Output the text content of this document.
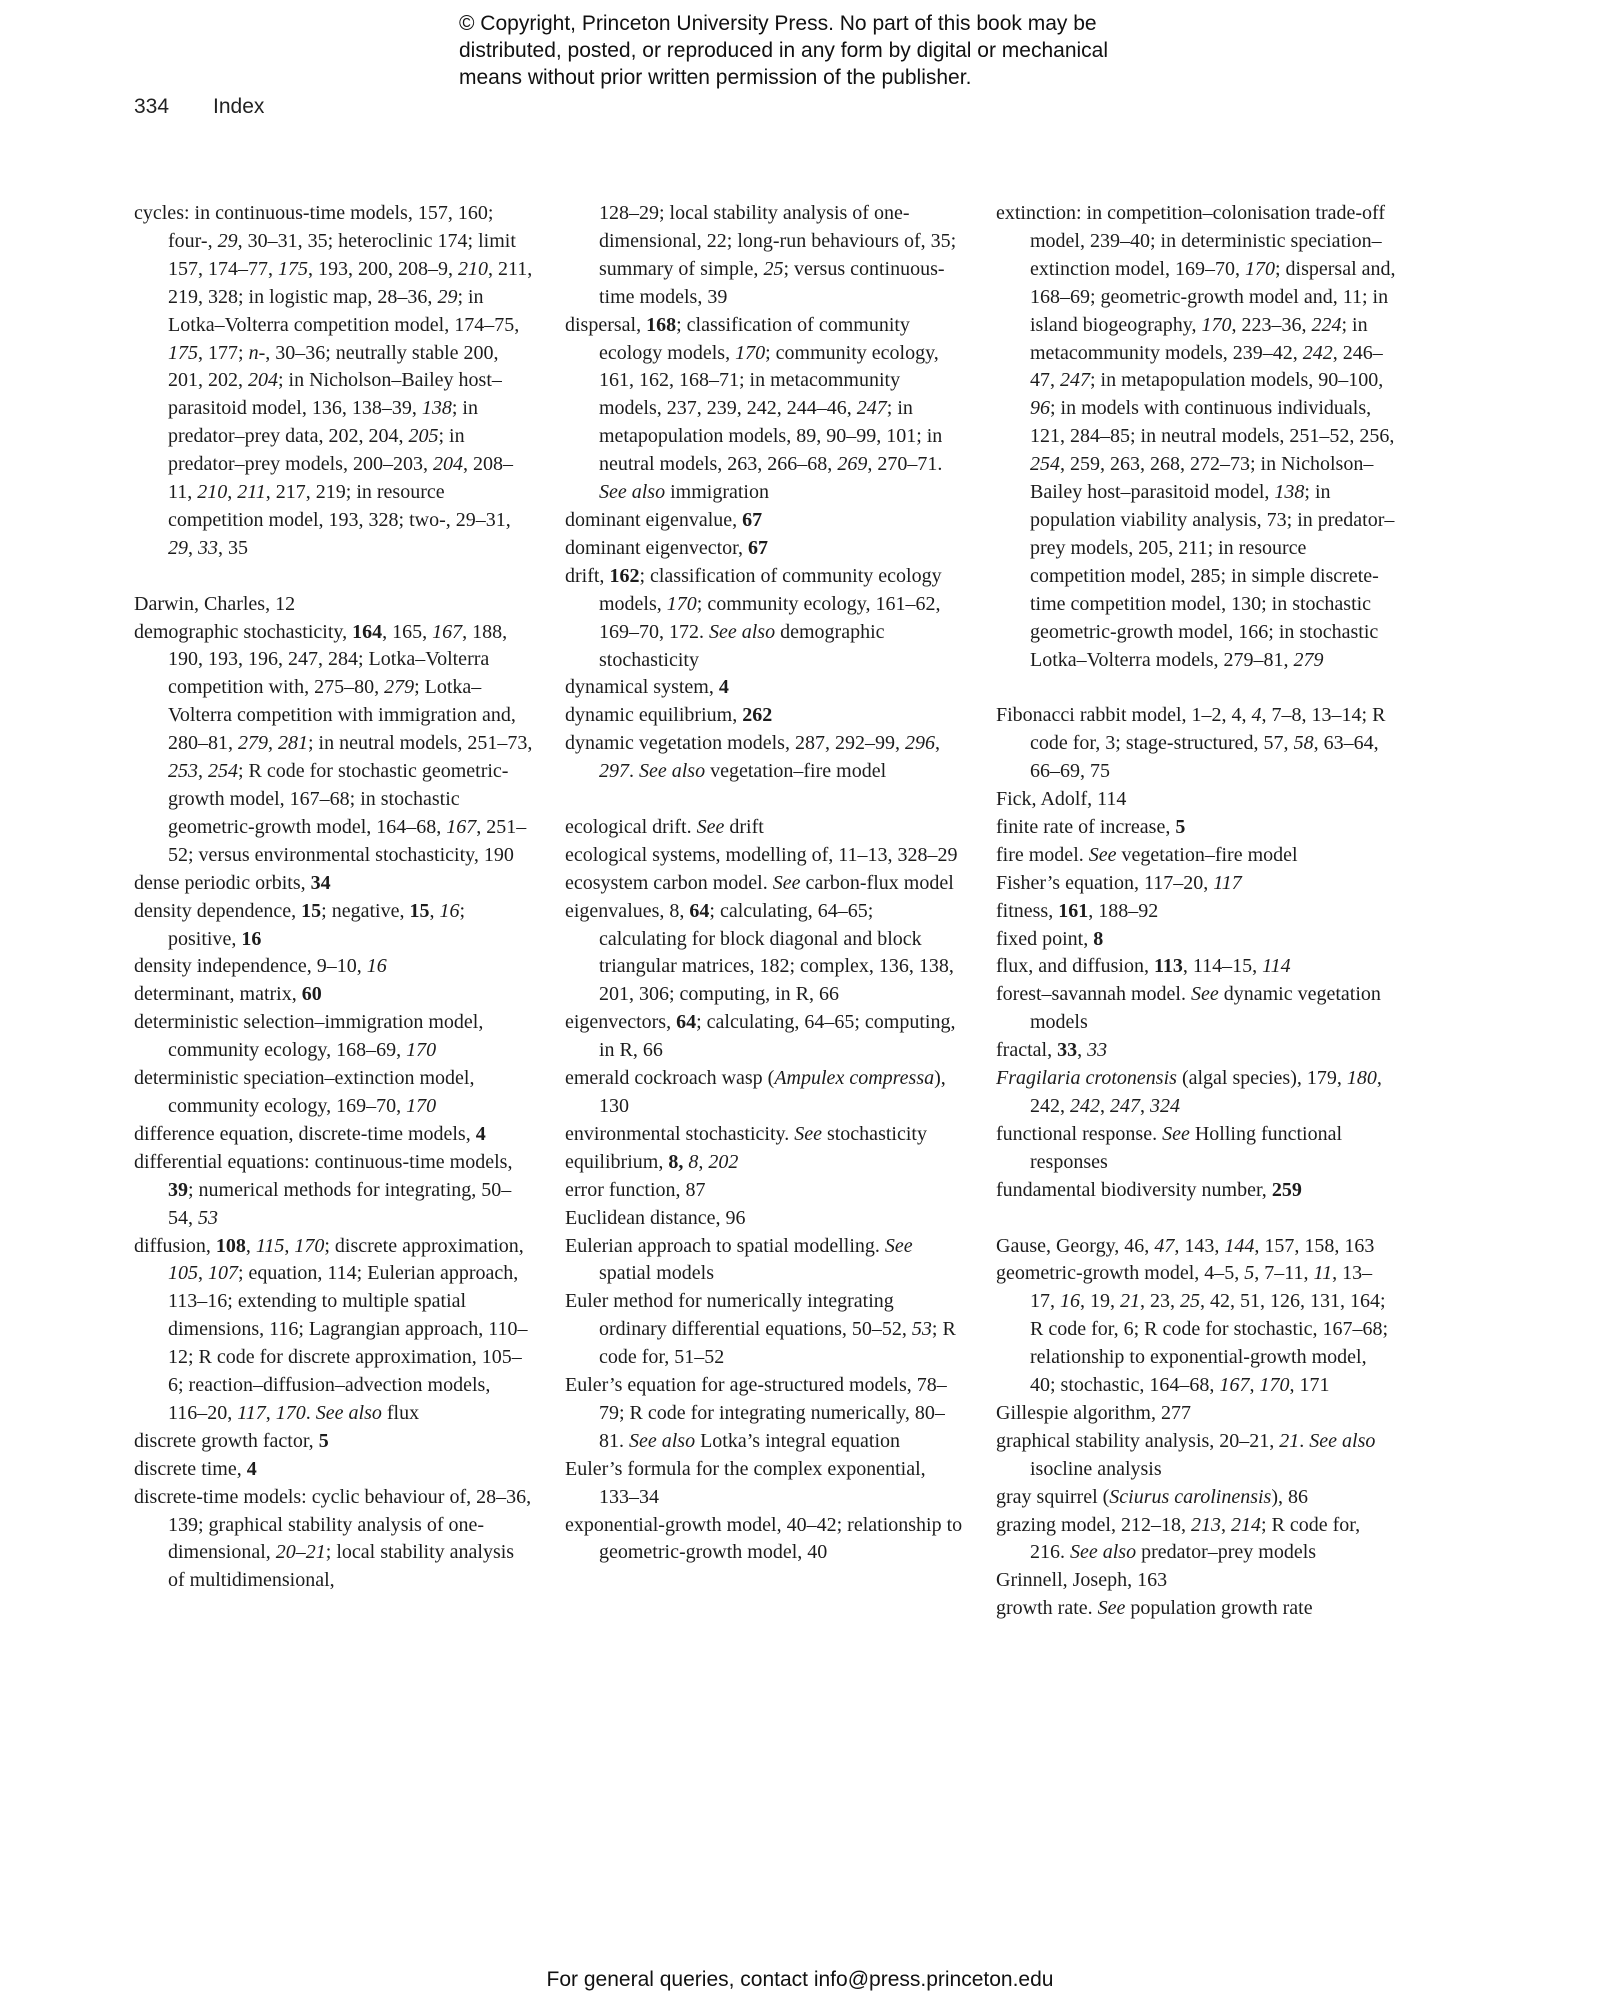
© Copyright, Princeton University Press. No part of this book may be
distributed, posted, or reproduced in any form by digital or mechanical
means without prior written permission of the publisher.
334 Index
cycles: in continuous-time models, 157, 160; four-, 29, 30–31, 35; heteroclinic 174; limit 157, 174–77, 175, 193, 200, 208–9, 210, 211, 219, 328; in logistic map, 28–36, 29; in Lotka–Volterra competition model, 174–75, 175, 177; n-, 30–36; neutrally stable 200, 201, 202, 204; in Nicholson–Bailey host–parasitoid model, 136, 138–39, 138; in predator–prey data, 202, 204, 205; in predator–prey models, 200–203, 204, 208–11, 210, 211, 217, 219; in resource competition model, 193, 328; two-, 29–31, 29, 33, 35
Darwin, Charles, 12
demographic stochasticity, 164, 165, 167, 188, 190, 193, 196, 247, 284; Lotka–Volterra competition with, 275–80, 279; Lotka–Volterra competition with immigration and, 280–81, 279, 281; in neutral models, 251–73, 253, 254; R code for stochastic geometric-growth model, 167–68; in stochastic geometric-growth model, 164–68, 167, 251–52; versus environmental stochasticity, 190
dense periodic orbits, 34
density dependence, 15; negative, 15, 16; positive, 16
density independence, 9–10, 16
determinant, matrix, 60
deterministic selection–immigration model, community ecology, 168–69, 170
deterministic speciation–extinction model, community ecology, 169–70, 170
difference equation, discrete-time models, 4
differential equations: continuous-time models, 39; numerical methods for integrating, 50–54, 53
diffusion, 108, 115, 170; discrete approximation, 105, 107; equation, 114; Eulerian approach, 113–16; extending to multiple spatial dimensions, 116; Lagrangian approach, 110–12; R code for discrete approximation, 105–6; reaction–diffusion–advection models, 116–20, 117, 170. See also flux
discrete growth factor, 5
discrete time, 4
discrete-time models: cyclic behaviour of, 28–36, 139; graphical stability analysis of one-dimensional, 20–21; local stability analysis of multidimensional,
128–29; local stability analysis of one-dimensional, 22; long-run behaviours of, 35; summary of simple, 25; versus continuous-time models, 39
dispersal, 168; classification of community ecology models, 170; community ecology, 161, 162, 168–71; in metacommunity models, 237, 239, 242, 244–46, 247; in metapopulation models, 89, 90–99, 101; in neutral models, 263, 266–68, 269, 270–71. See also immigration
dominant eigenvalue, 67
dominant eigenvector, 67
drift, 162; classification of community ecology models, 170; community ecology, 161–62, 169–70, 172. See also demographic stochasticity
dynamical system, 4
dynamic equilibrium, 262
dynamic vegetation models, 287, 292–99, 296, 297. See also vegetation–fire model
ecological drift. See drift
ecological systems, modelling of, 11–13, 328–29
ecosystem carbon model. See carbon-flux model
eigenvalues, 8, 64; calculating, 64–65; calculating for block diagonal and block triangular matrices, 182; complex, 136, 138, 201, 306; computing, in R, 66
eigenvectors, 64; calculating, 64–65; computing, in R, 66
emerald cockroach wasp (Ampulex compressa), 130
environmental stochasticity. See stochasticity
equilibrium, 8, 8, 202
error function, 87
Euclidean distance, 96
Eulerian approach to spatial modelling. See spatial models
Euler method for numerically integrating ordinary differential equations, 50–52, 53; R code for, 51–52
Euler’s equation for age-structured models, 78–79; R code for integrating numerically, 80–81. See also Lotka’s integral equation
Euler’s formula for the complex exponential, 133–34
exponential-growth model, 40–42; relationship to geometric-growth model, 40
extinction: in competition–colonisation trade-off model, 239–40; in deterministic speciation–extinction model, 169–70, 170; dispersal and, 168–69; geometric-growth model and, 11; in island biogeography, 170, 223–36, 224; in metacommunity models, 239–42, 242, 246–47, 247; in metapopulation models, 90–100, 96; in models with continuous individuals, 121, 284–85; in neutral models, 251–52, 256, 254, 259, 263, 268, 272–73; in Nicholson–Bailey host–parasitoid model, 138; in population viability analysis, 73; in predator–prey models, 205, 211; in resource competition model, 285; in simple discrete-time competition model, 130; in stochastic geometric-growth model, 166; in stochastic Lotka–Volterra models, 279–81, 279
Fibonacci rabbit model, 1–2, 4, 4, 7–8, 13–14; R code for, 3; stage-structured, 57, 58, 63–64, 66–69, 75
Fick, Adolf, 114
finite rate of increase, 5
fire model. See vegetation–fire model
Fisher’s equation, 117–20, 117
fitness, 161, 188–92
fixed point, 8
flux, and diffusion, 113, 114–15, 114
forest–savannah model. See dynamic vegetation models
fractal, 33, 33
Fragilaria crotonensis (algal species), 179, 180, 242, 242, 247, 324
functional response. See Holling functional responses
fundamental biodiversity number, 259
Gause, Georgy, 46, 47, 143, 144, 157, 158, 163
geometric-growth model, 4–5, 5, 7–11, 11, 13–17, 16, 19, 21, 23, 25, 42, 51, 126, 131, 164; R code for, 6; R code for stochastic, 167–68; relationship to exponential-growth model, 40; stochastic, 164–68, 167, 170, 171
Gillespie algorithm, 277
graphical stability analysis, 20–21, 21. See also isocline analysis
gray squirrel (Sciurus carolinensis), 86
grazing model, 212–18, 213, 214; R code for, 216. See also predator–prey models
Grinnell, Joseph, 163
growth rate. See population growth rate
For general queries, contact info@press.princeton.edu
